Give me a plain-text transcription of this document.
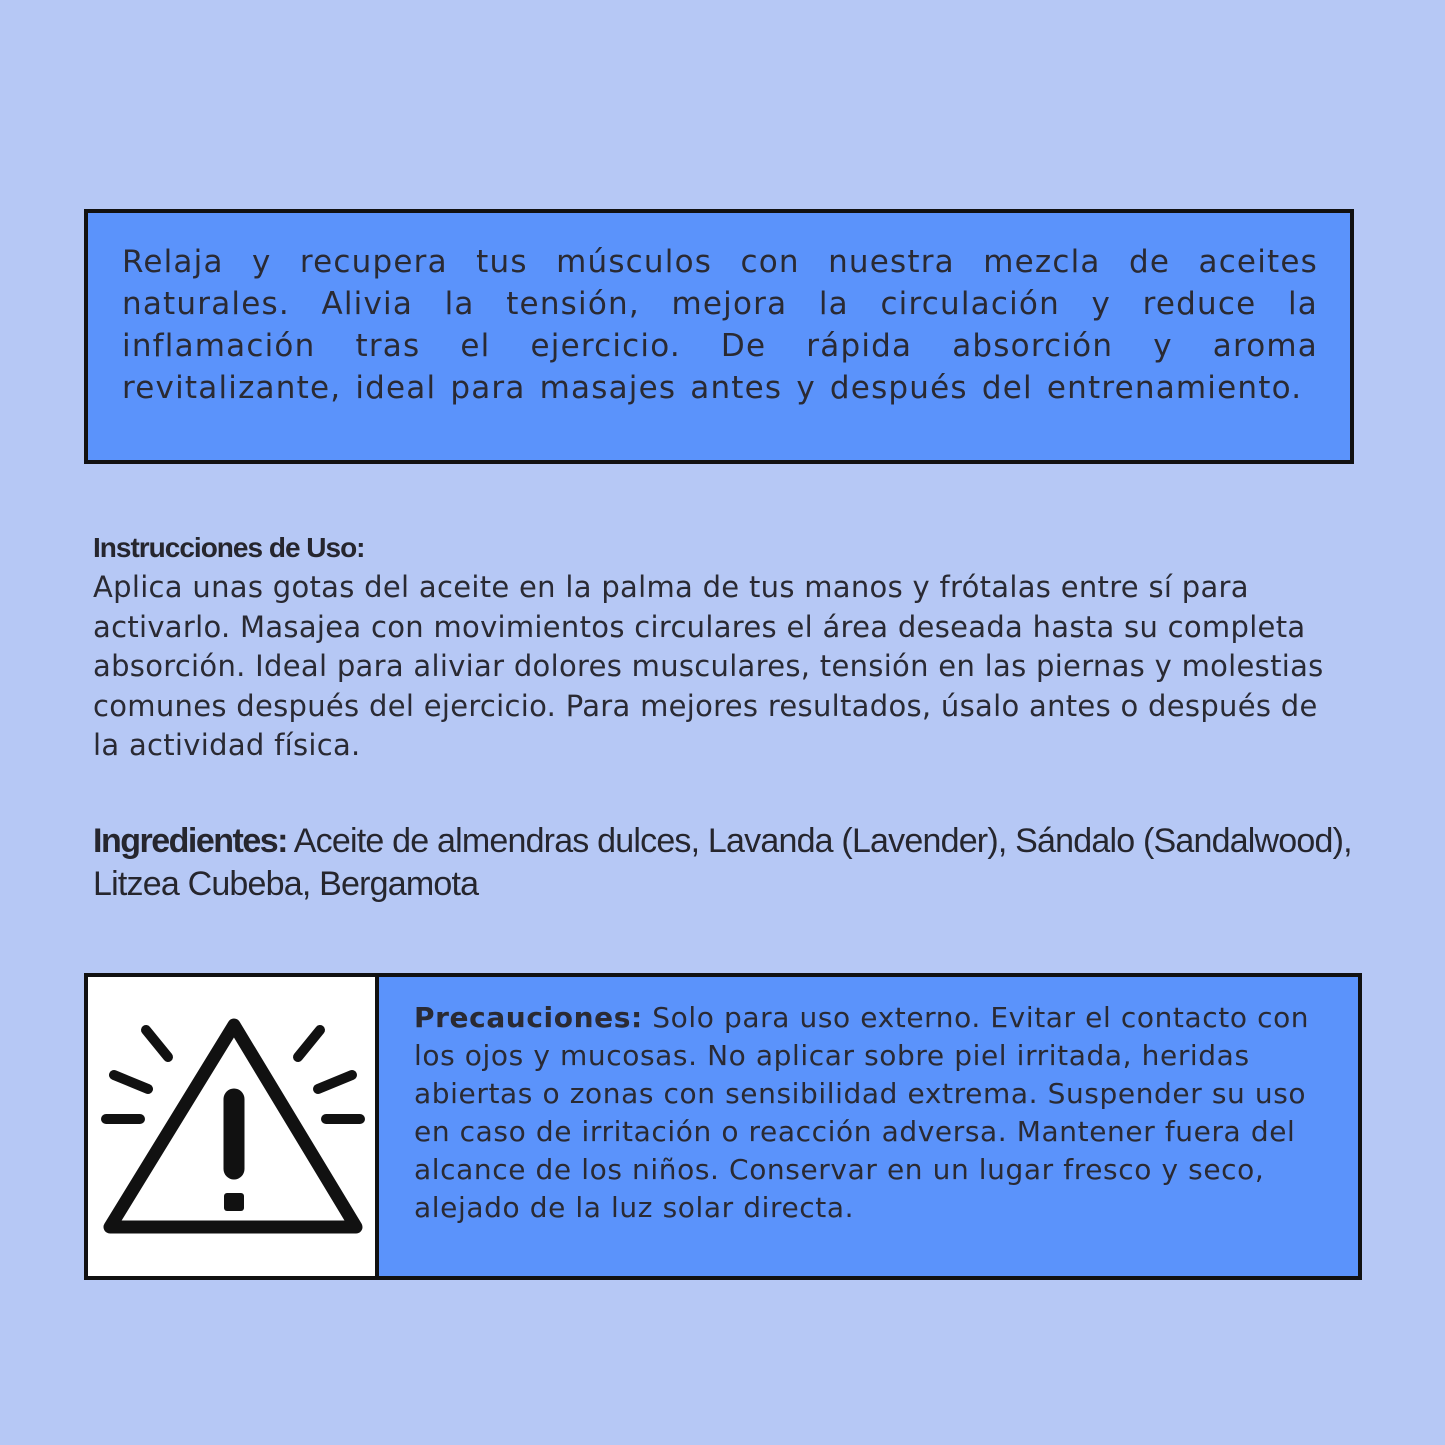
Relaja y recupera tus músculos con nuestra mezcla de aceites naturales. Alivia la tensión, mejora la circulación y reduce la inflamación tras el ejercicio. De rápida absorción y aroma revitalizante, ideal para masajes antes y después del entrenamiento.

Instrucciones de Uso:

Aplica unas gotas del aceite en la palma de tus manos y frótalas entre sí para activarlo. Masajea con movimientos circulares el área deseada hasta su completa absorción. Ideal para aliviar dolores musculares, tensión en las piernas y molestias comunes después del ejercicio. Para mejores resultados, úsalo antes o después de la actividad física.

Ingredientes: Aceite de almendras dulces, Lavanda (Lavender), Sándalo (Sandalwood), Litzea Cubeba, Bergamota

Precauciones: Solo para uso externo. Evitar el contacto con los ojos y mucosas. No aplicar sobre piel irritada, heridas abiertas o zonas con sensibilidad extrema. Suspender su uso en caso de irritación o reacción adversa. Mantener fuera del alcance de los niños. Conservar en un lugar fresco y seco, alejado de la luz solar directa.
